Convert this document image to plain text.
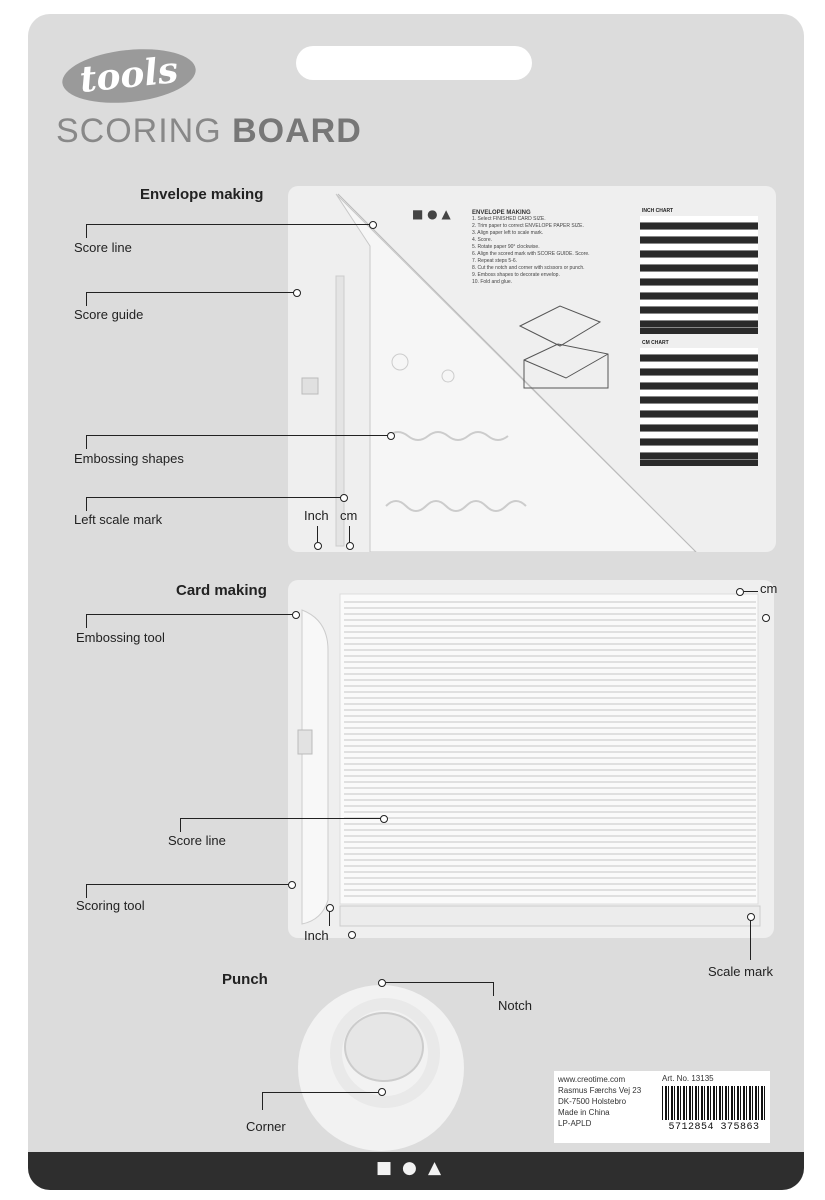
tools
SCORING BOARD
Envelope making
■ ● ▲	INCH CHART
CM CHART
ENVELOPE MAKING
1. Select FINISHED CARD SIZE.
2. Trim paper to correct ENVELOPE PAPER SIZE.
3. Align paper left to scale mark.
4. Score.
5. Rotate paper 90° clockwise.
6. Align the scored mark with SCORE GUIDE. Score.
7. Repeat steps 5-6.
8. Cut the notch and corner with scissors or punch.
9. Emboss shapes to decorate envelop.
10. Fold and glue.
Score line
Score guide
Embossing shapes
Left scale mark	Inch cm
Card making
Embossing tool
Score line
Scoring tool
Inch
cm
Scale mark
Punch
Notch
Corner
www.creotime.com
Rasmus Færchs Vej 23
DK-7500 Holstebro
Made in China
LP-APLD
Art. No. 13135
5712854 375863
■ ● ▲
